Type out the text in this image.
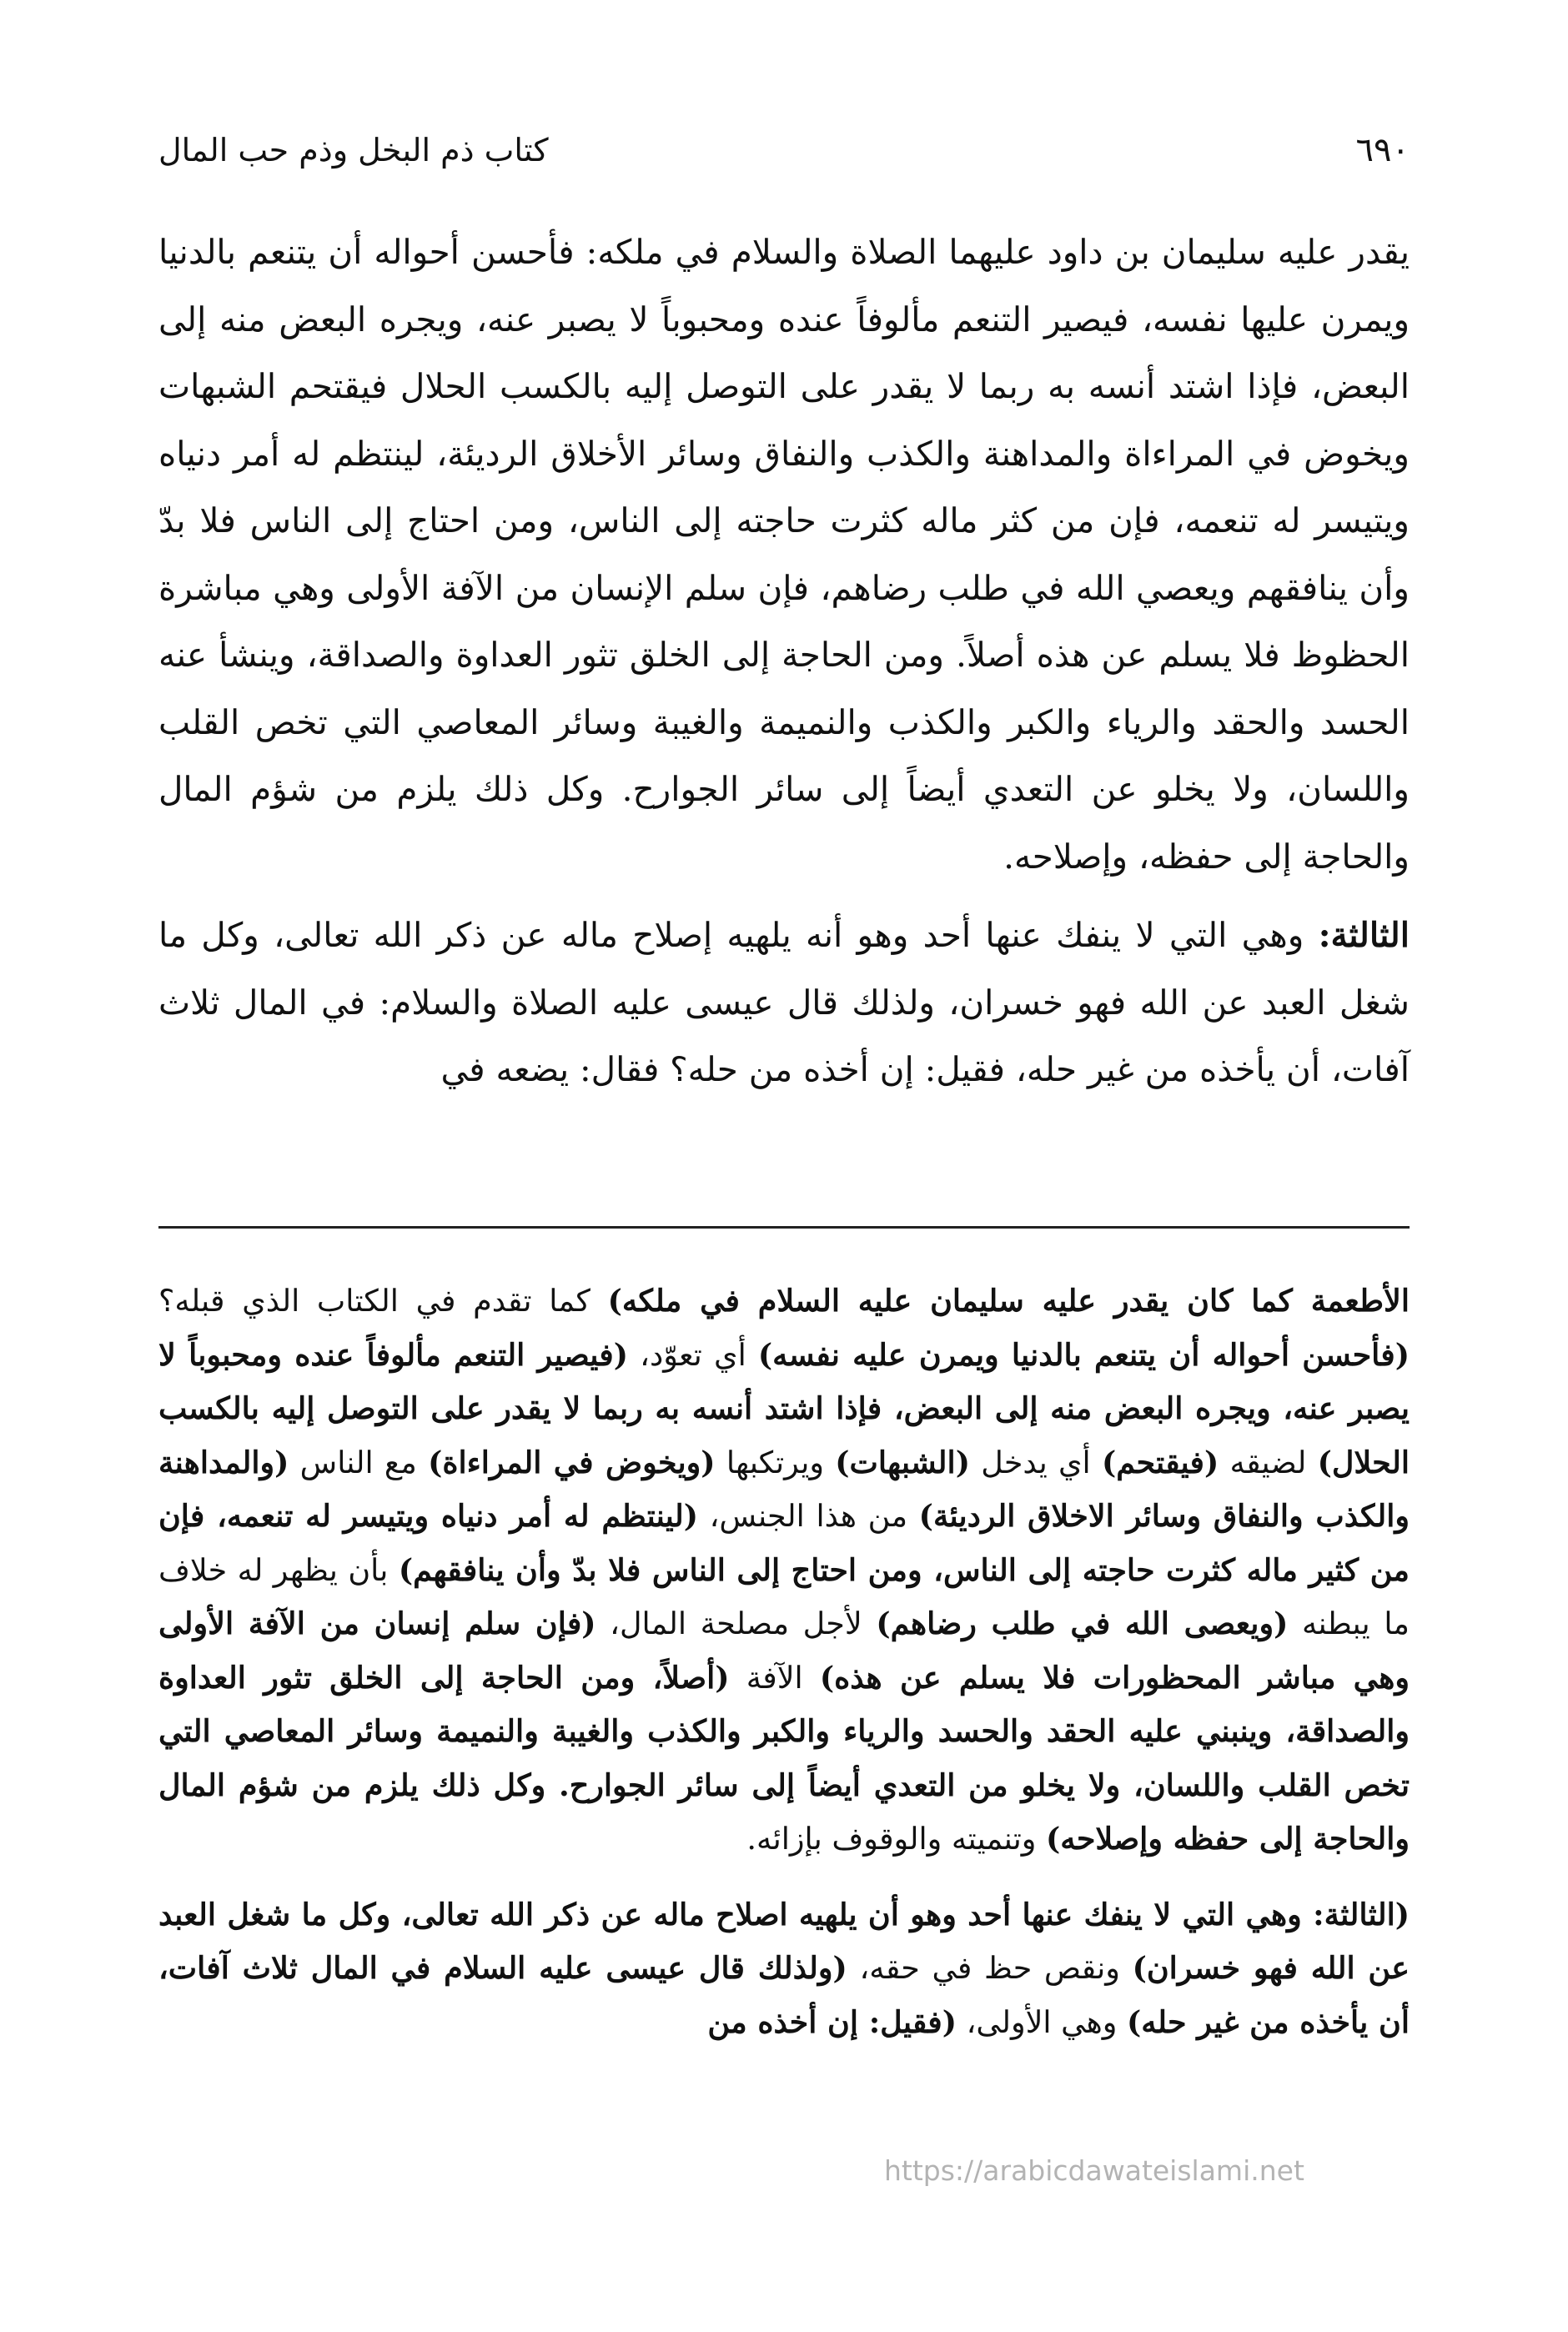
٦٩٠
كتاب ذم البخل وذم حب المال

يقدر عليه سليمان بن داود عليهما الصلاة والسلام في ملكه: فأحسن أحواله أن يتنعم بالدنيا ويمرن عليها نفسه، فيصير التنعم مألوفاً عنده ومحبوباً لا يصبر عنه، ويجره البعض منه إلى البعض، فإذا اشتد أنسه به ربما لا يقدر على التوصل إليه بالكسب الحلال فيقتحم الشبهات ويخوض في المراءاة والمداهنة والكذب والنفاق وسائر الأخلاق الرديئة، لينتظم له أمر دنياه ويتيسر له تنعمه، فإن من كثر ماله كثرت حاجته إلى الناس، ومن احتاج إلى الناس فلا بدّ وأن ينافقهم ويعصي الله في طلب رضاهم، فإن سلم الإنسان من الآفة الأولى وهي مباشرة الحظوظ فلا يسلم عن هذه أصلاً. ومن الحاجة إلى الخلق تثور العداوة والصداقة، وينشأ عنه الحسد والحقد والرياء والكبر والكذب والنميمة والغيبة وسائر المعاصي التي تخص القلب واللسان، ولا يخلو عن التعدي أيضاً إلى سائر الجوارح. وكل ذلك يلزم من شؤم المال والحاجة إلى حفظه، وإصلاحه.

الثالثة: وهي التي لا ينفك عنها أحد وهو أنه يلهيه إصلاح ماله عن ذكر الله تعالى، وكل ما شغل العبد عن الله فهو خسران، ولذلك قال عيسى عليه الصلاة والسلام: في المال ثلاث آفات، أن يأخذه من غير حله، فقيل: إن أخذه من حله؟ فقال: يضعه في

الأطعمة كما كان يقدر عليه سليمان عليه السلام في ملكه) كما تقدم في الكتاب الذي قبله؟ (فأحسن أحواله أن يتنعم بالدنيا ويمرن عليه نفسه) أي تعوّد، (فيصير التنعم مألوفاً عنده ومحبوباً لا يصبر عنه، ويجره البعض منه إلى البعض، فإذا اشتد أنسه به ربما لا يقدر على التوصل إليه بالكسب الحلال) لضيقه (فيقتحم) أي يدخل (الشبهات) ويرتكبها (ويخوض في المراءاة) مع الناس (والمداهنة والكذب والنفاق وسائر الاخلاق الرديئة) من هذا الجنس، (لينتظم له أمر دنياه ويتيسر له تنعمه، فإن من كثير ماله كثرت حاجته إلى الناس، ومن احتاج إلى الناس فلا بدّ وأن ينافقهم) بأن يظهر له خلاف ما يبطنه (ويعصى الله في طلب رضاهم) لأجل مصلحة المال، (فإن سلم إنسان من الآفة الأولى وهي مباشر المحظورات فلا يسلم عن هذه) الآفة (أصلاً، ومن الحاجة إلى الخلق تثور العداوة والصداقة، وينبني عليه الحقد والحسد والرياء والكبر والكذب والغيبة والنميمة وسائر المعاصي التي تخص القلب واللسان، ولا يخلو من التعدي أيضاً إلى سائر الجوارح. وكل ذلك يلزم من شؤم المال والحاجة إلى حفظه وإصلاحه) وتنميته والوقوف بإزائه.

(الثالثة: وهي التي لا ينفك عنها أحد وهو أن يلهيه اصلاح ماله عن ذكر الله تعالى، وكل ما شغل العبد عن الله فهو خسران) ونقص حظ في حقه، (ولذلك قال عيسى عليه السلام في المال ثلاث آفات، أن يأخذه من غير حله) وهي الأولى، (فقيل: إن أخذه من

https://arabicdawateislami.net
